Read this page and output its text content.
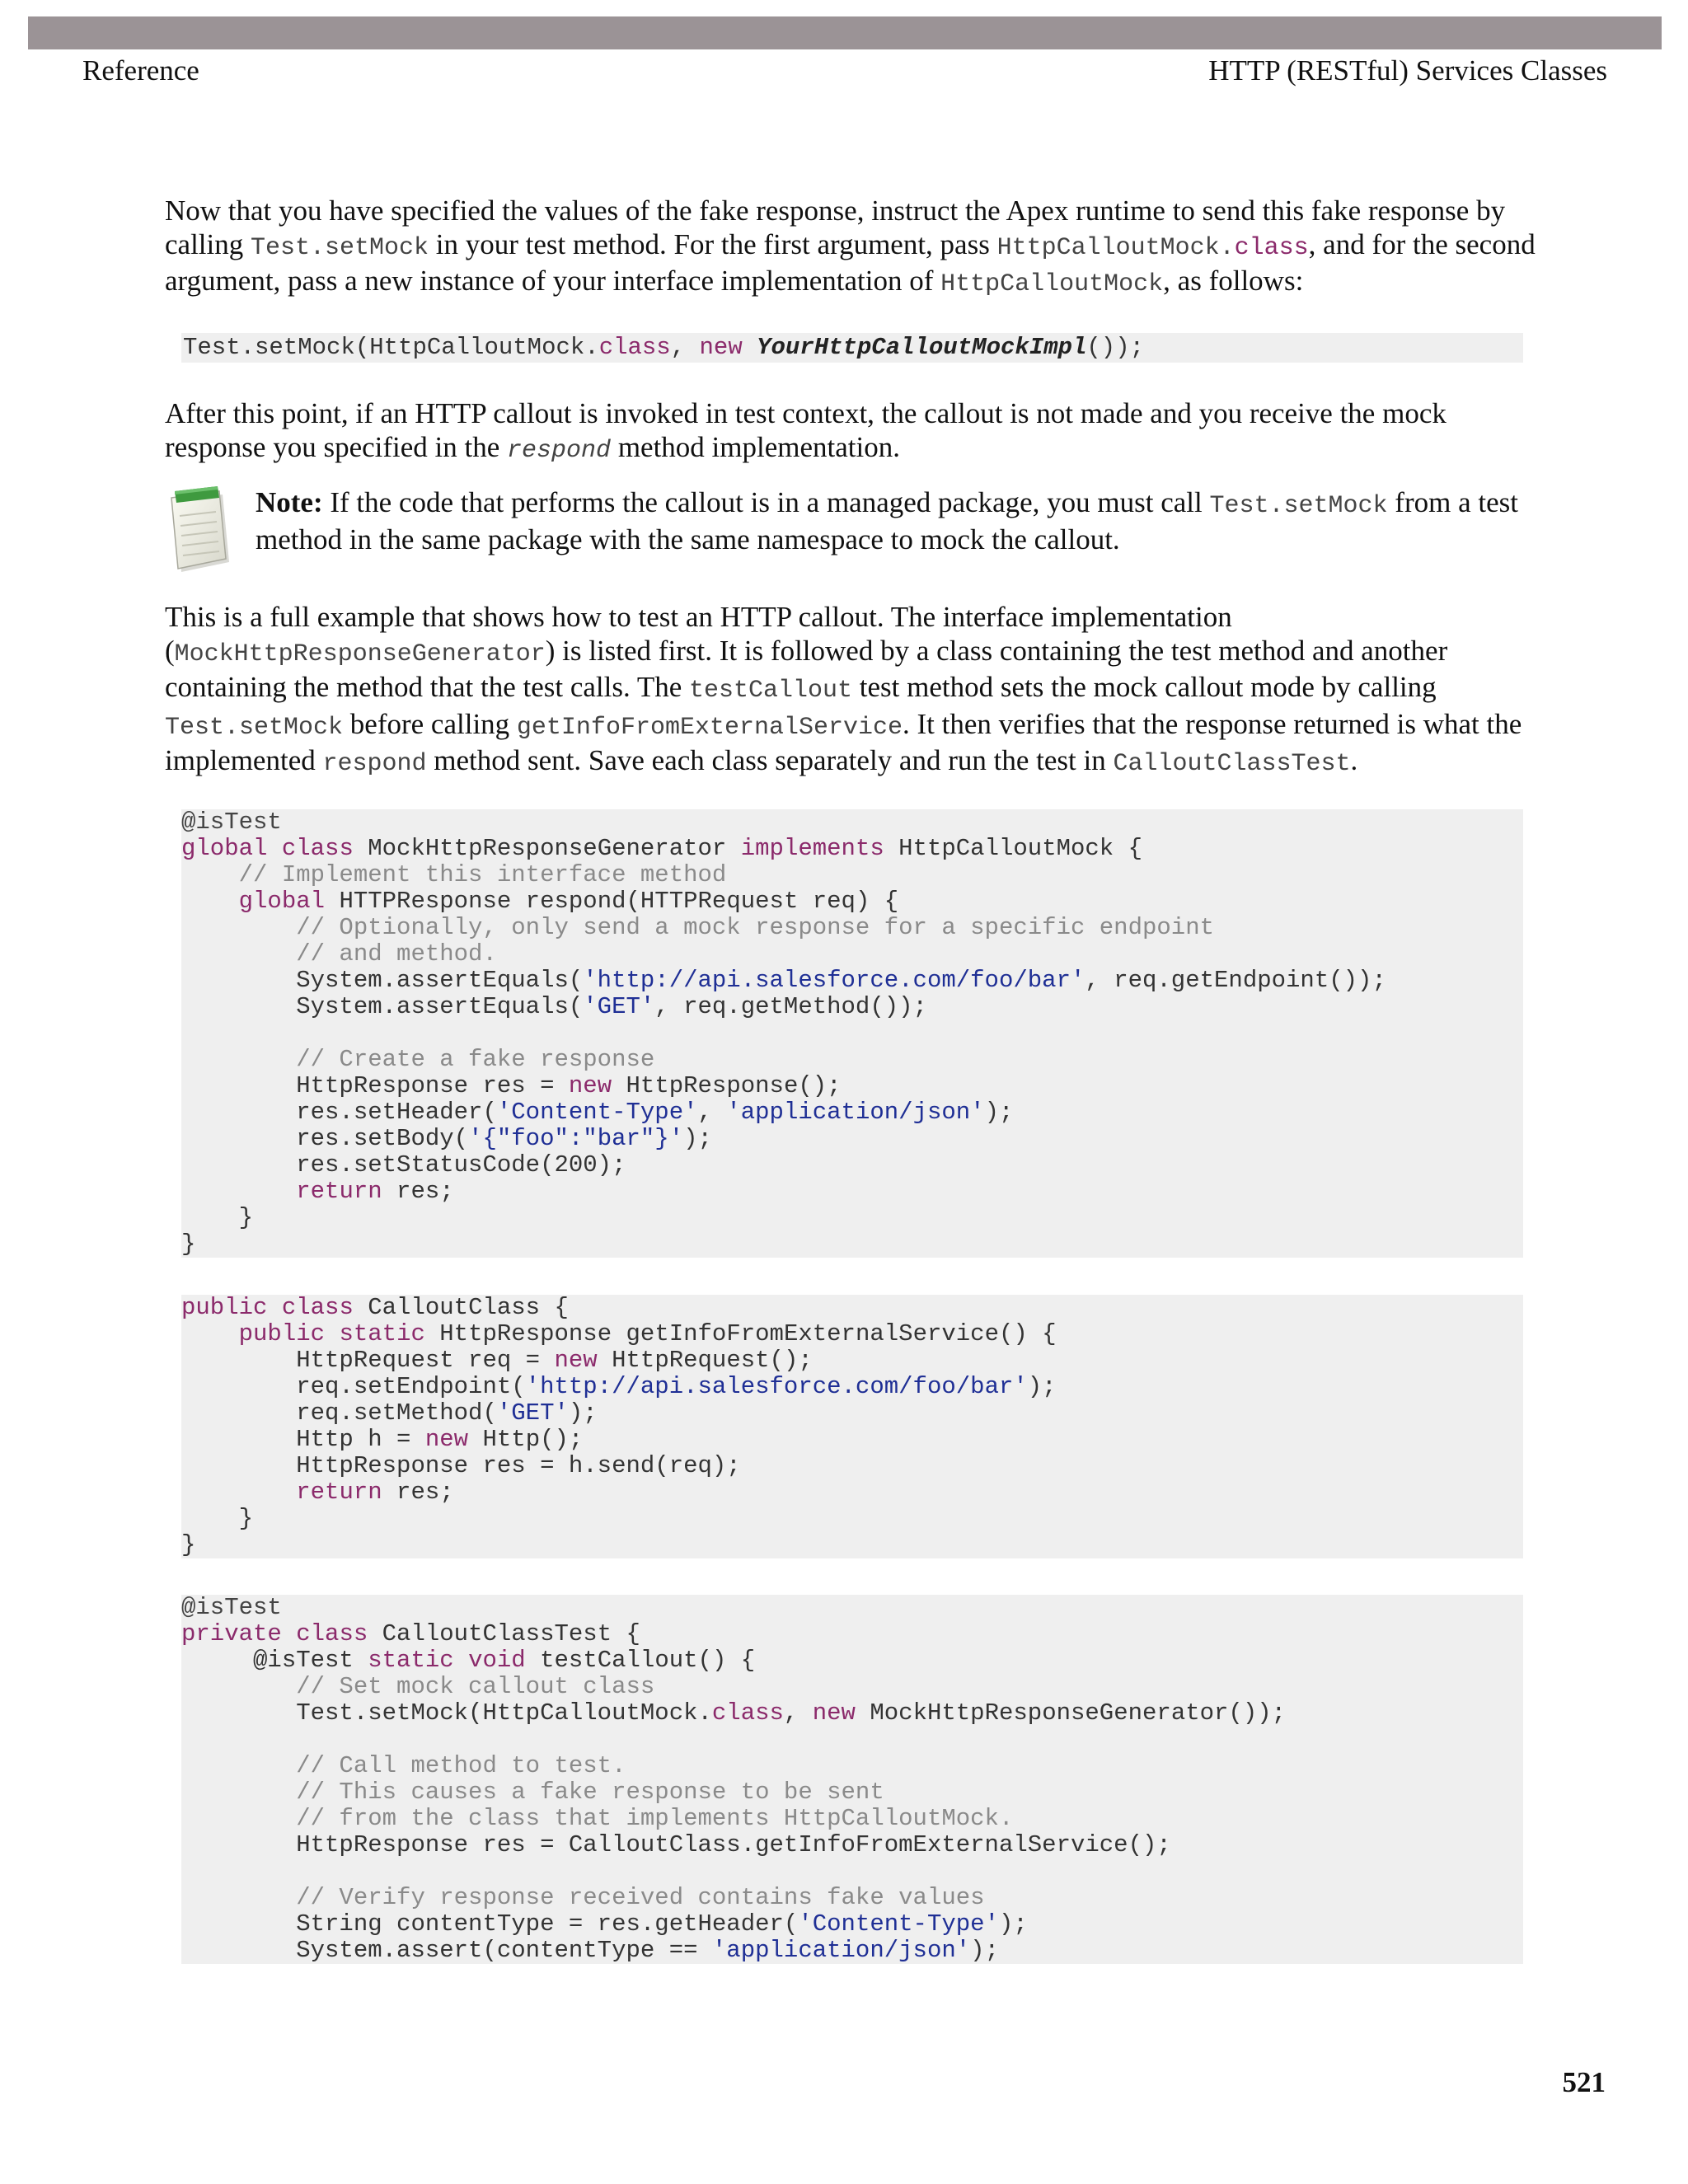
Reference	HTTP (RESTful) Services Classes
Now that you have specified the values of the fake response, instruct the Apex runtime to send this fake response by calling Test.setMock in your test method. For the first argument, pass HttpCalloutMock.class, and for the second argument, pass a new instance of your interface implementation of HttpCalloutMock, as follows:
Test.setMock(HttpCalloutMock.class, new YourHttpCalloutMockImpl());
After this point, if an HTTP callout is invoked in test context, the callout is not made and you receive the mock response you specified in the respond method implementation.
Note: If the code that performs the callout is in a managed package, you must call Test.setMock from a test method in the same package with the same namespace to mock the callout.
This is a full example that shows how to test an HTTP callout. The interface implementation (MockHttpResponseGenerator) is listed first. It is followed by a class containing the test method and another containing the method that the test calls. The testCallout test method sets the mock callout mode by calling Test.setMock before calling getInfoFromExternalService. It then verifies that the response returned is what the implemented respond method sent. Save each class separately and run the test in CalloutClassTest.
@isTest
global class MockHttpResponseGenerator implements HttpCalloutMock {
// Implement this interface method
global HTTPResponse respond(HTTPRequest req) {
// Optionally, only send a mock response for a specific endpoint
// and method.
System.assertEquals('http://api.salesforce.com/foo/bar', req.getEndpoint());
System.assertEquals('GET', req.getMethod());
// Create a fake response
HttpResponse res = new HttpResponse();
res.setHeader('Content-Type', 'application/json');
res.setBody('{"foo":"bar"}');
res.setStatusCode(200);
return res;
}
}
public class CalloutClass {
public static HttpResponse getInfoFromExternalService() {
HttpRequest req = new HttpRequest();
req.setEndpoint('http://api.salesforce.com/foo/bar');
req.setMethod('GET');
Http h = new Http();
HttpResponse res = h.send(req);
return res;
}
}
@isTest
private class CalloutClassTest {
@isTest static void testCallout() {
// Set mock callout class
Test.setMock(HttpCalloutMock.class, new MockHttpResponseGenerator());
// Call method to test.
// This causes a fake response to be sent
// from the class that implements HttpCalloutMock.
HttpResponse res = CalloutClass.getInfoFromExternalService();
// Verify response received contains fake values
String contentType = res.getHeader('Content-Type');
System.assert(contentType == 'application/json');
521
